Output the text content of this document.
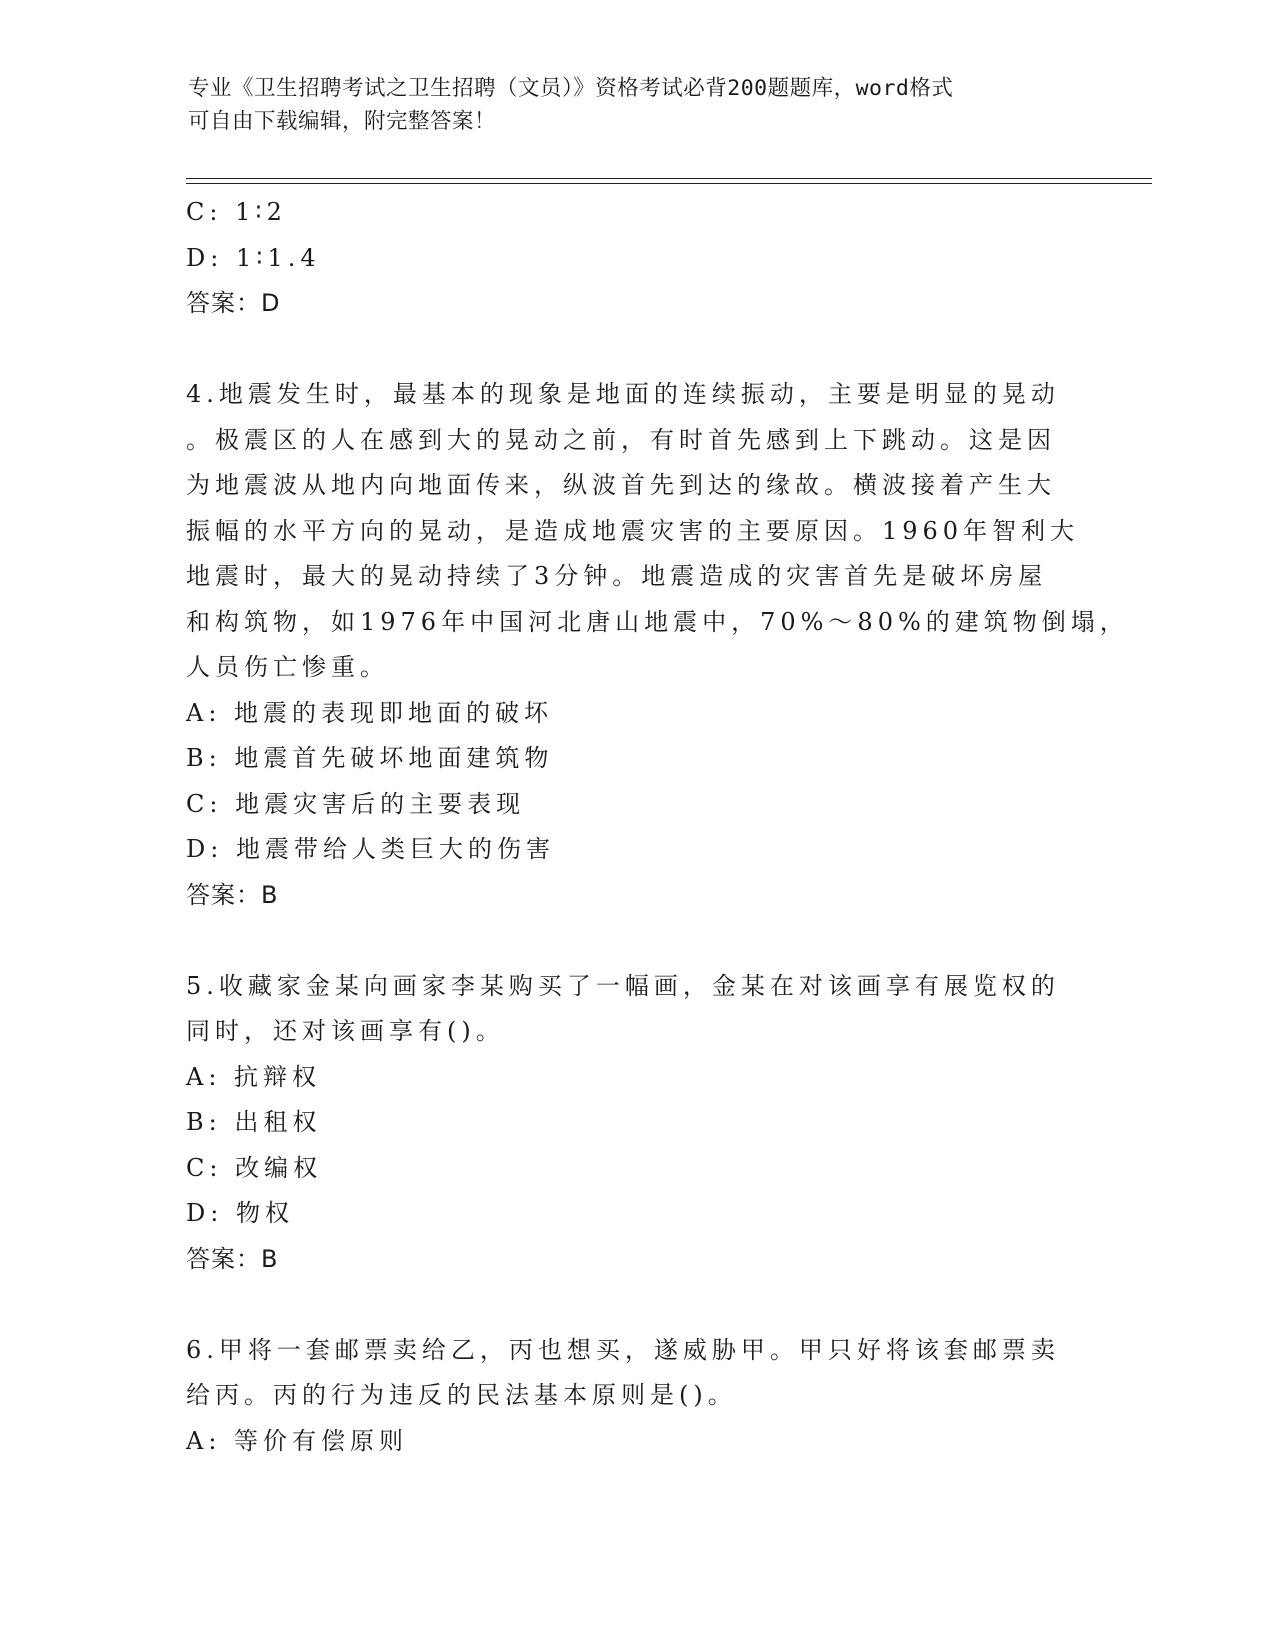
专业《卫生招聘考试之卫生招聘（文员）》资格考试必背200题题库，word格式
可自由下载编辑，附完整答案！

C: 1∶2

D: 1∶1.4

答案：D

4.地震发生时，最基本的现象是地面的连续振动，主要是明显的晃动

。极震区的人在感到大的晃动之前，有时首先感到上下跳动。这是因

为地震波从地内向地面传来，纵波首先到达的缘故。横波接着产生大

振幅的水平方向的晃动，是造成地震灾害的主要原因。1960年智利大

地震时，最大的晃动持续了3分钟。地震造成的灾害首先是破坏房屋

和构筑物，如1976年中国河北唐山地震中，70%～80%的建筑物倒塌，

人员伤亡惨重。

A: 地震的表现即地面的破坏

B: 地震首先破坏地面建筑物

C: 地震灾害后的主要表现

D: 地震带给人类巨大的伤害

答案：B

5.收藏家金某向画家李某购买了一幅画，金某在对该画享有展览权的

同时，还对该画享有()。

A: 抗辩权

B: 出租权

C: 改编权

D: 物权

答案：B

6.甲将一套邮票卖给乙，丙也想买，遂威胁甲。甲只好将该套邮票卖

给丙。丙的行为违反的民法基本原则是()。

A: 等价有偿原则
